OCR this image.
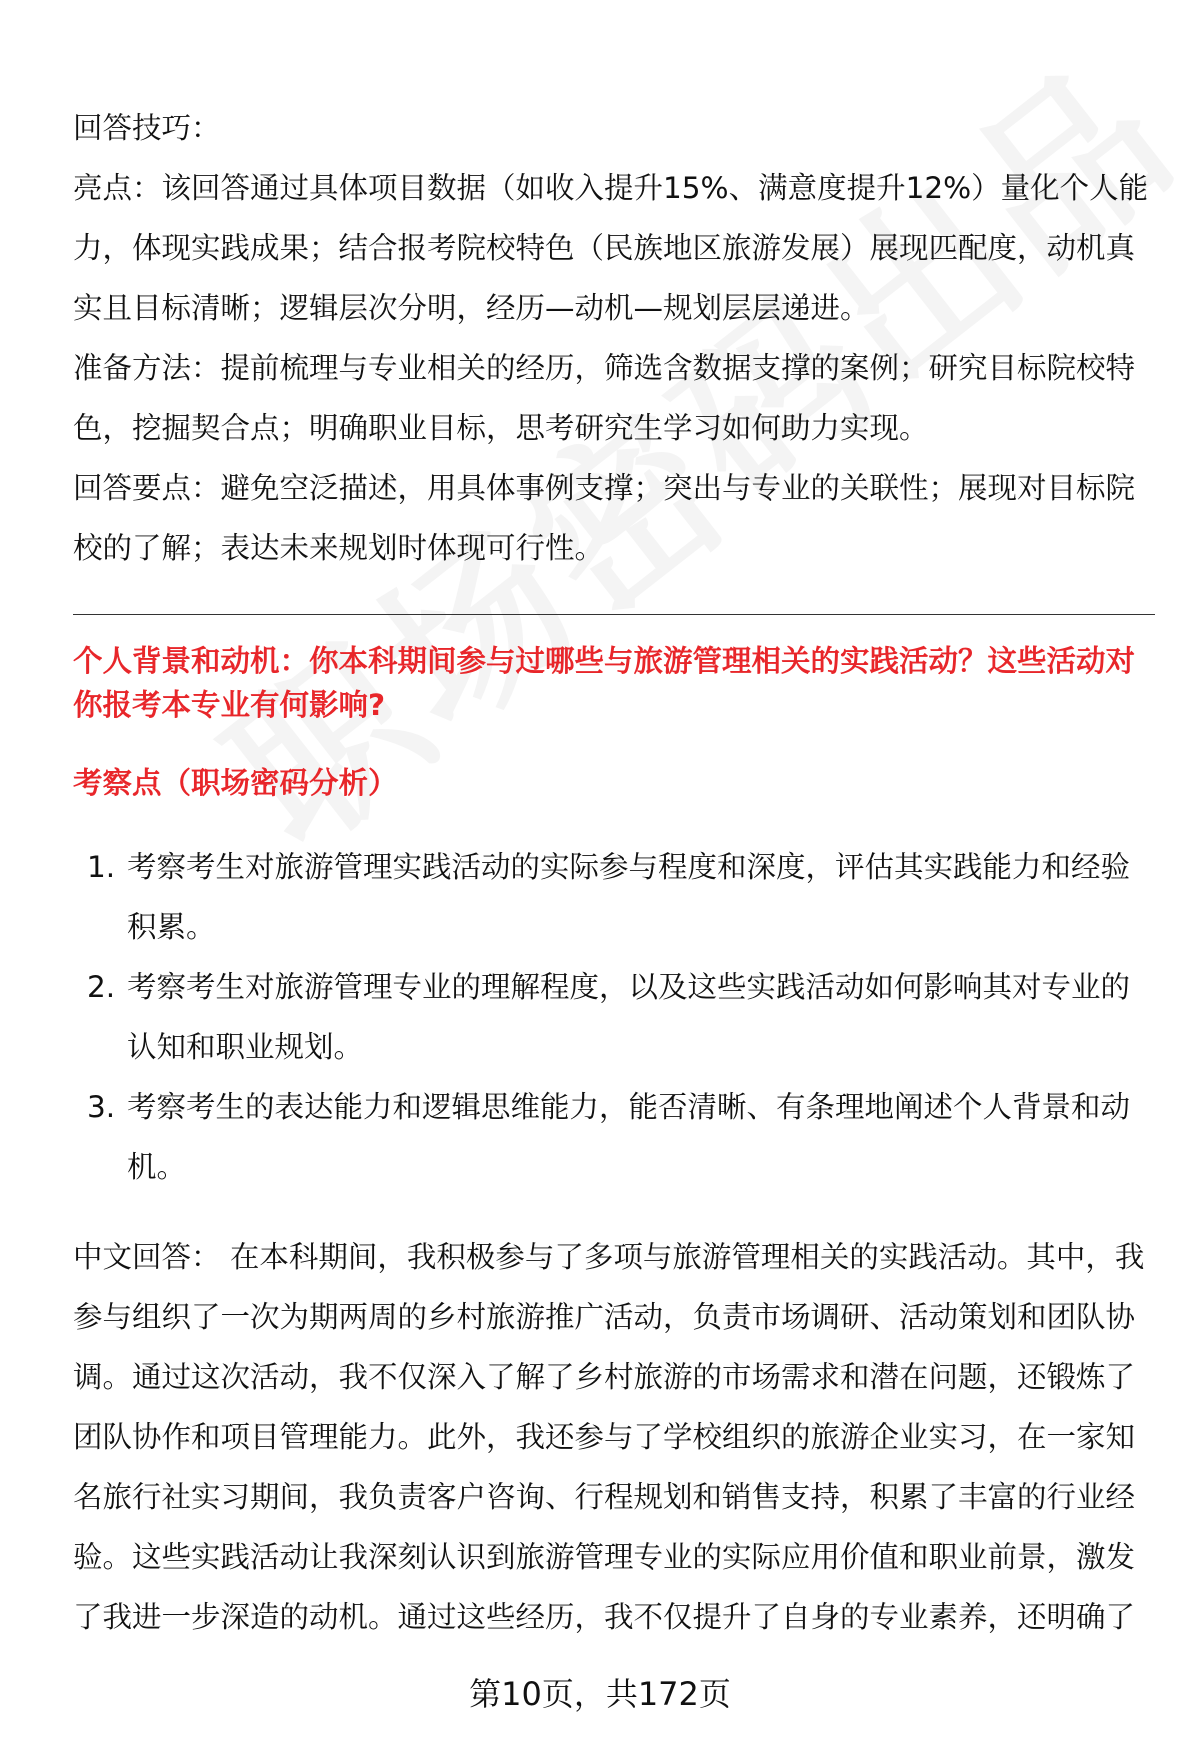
回答技巧：

亮点：该回答通过具体项目数据（如收入提升15%、满意度提升12%）量化个人能力，体现实践成果；结合报考院校特色（民族地区旅游发展）展现匹配度，动机真实且目标清晰；逻辑层次分明，经历—动机—规划层层递进。

准备方法：提前梳理与专业相关的经历，筛选含数据支撑的案例；研究目标院校特色，挖掘契合点；明确职业目标，思考研究生学习如何助力实现。

回答要点：避免空泛描述，用具体事例支撑；突出与专业的关联性；展现对目标院校的了解；表达未来规划时体现可行性。

个人背景和动机：你本科期间参与过哪些与旅游管理相关的实践活动？这些活动对你报考本专业有何影响?
考察点（职场密码分析）
1. 考察考生对旅游管理实践活动的实际参与程度和深度，评估其实践能力和经验积累。
2. 考察考生对旅游管理专业的理解程度，以及这些实践活动如何影响其对专业的认知和职业规划。
3. 考察考生的表达能力和逻辑思维能力，能否清晰、有条理地阐述个人背景和动机。

中文回答： 在本科期间，我积极参与了多项与旅游管理相关的实践活动。其中，我参与组织了一次为期两周的乡村旅游推广活动，负责市场调研、活动策划和团队协调。通过这次活动，我不仅深入了解了乡村旅游的市场需求和潜在问题，还锻炼了团队协作和项目管理能力。此外，我还参与了学校组织的旅游企业实习，在一家知名旅行社实习期间，我负责客户咨询、行程规划和销售支持，积累了丰富的行业经验。这些实践活动让我深刻认识到旅游管理专业的实际应用价值和职业前景，激发了我进一步深造的动机。通过这些经历，我不仅提升了自身的专业素养，还明确了

第10页，共172页
